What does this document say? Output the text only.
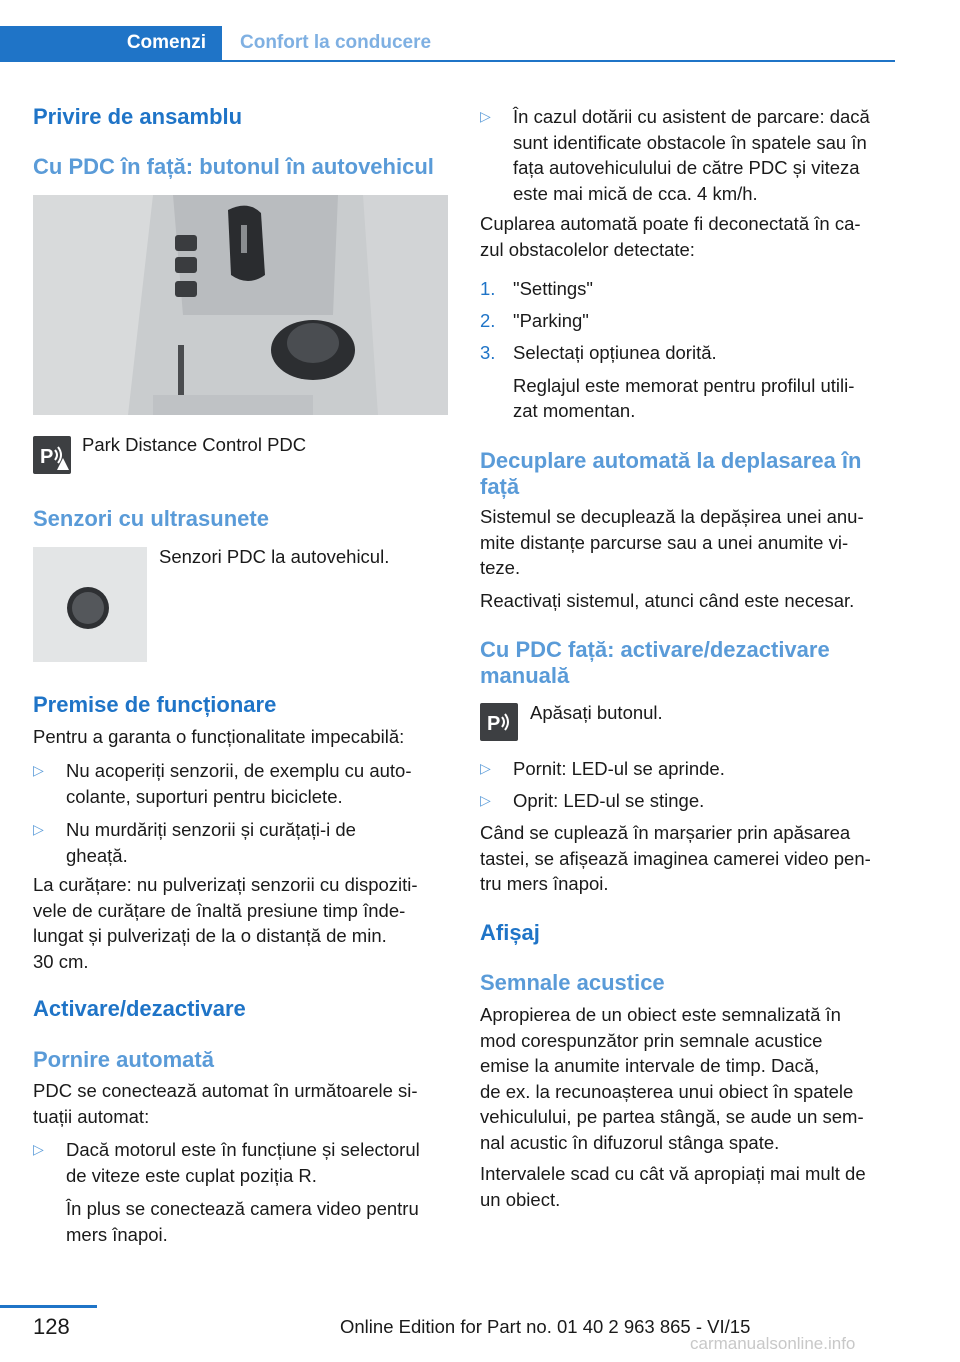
Comenzi Confort la conducere
Privire de ansamblu
Cu PDC în față: butonul în autovehicul
P
Park Distance Control PDC
Senzori cu ultrasunete
Senzori PDC la autovehicul.
Premise de funcționare
Pentru a garanta o funcționalitate impecabilă:
▷ Nu acoperiți senzorii, de exemplu cu auto‐
colante, suporturi pentru biciclete.
▷ Nu murdăriți senzorii și curățați-i de
gheață.
La curățare: nu pulverizați senzorii cu dispoziti‐
vele de curățare de înaltă presiune timp înde‐
lungat și pulverizați de la o distanță de min.
30 cm.
Activare/dezactivare
Pornire automată
PDC se conectează automat în următoarele si‐
tuații automat:
▷ Dacă motorul este în funcțiune și selectorul
de viteze este cuplat poziția R.
În plus se conectează camera video pentru
mers înapoi.
▷ În cazul dotării cu asistent de parcare: dacă
sunt identificate obstacole în spatele sau în
fața autovehiculului de către PDC și viteza
este mai mică de cca. 4 km/h.
Cuplarea automată poate fi deconectată în ca‐
zul obstacolelor detectate:
1. "Settings"
2. "Parking"
3. Selectați opțiunea dorită.
Reglajul este memorat pentru profilul utili‐
zat momentan.
Decuplare automată la deplasarea în
față
Sistemul se decuplează la depășirea unei anu‐
mite distanțe parcurse sau a unei anumite vi‐
teze.
Reactivați sistemul, atunci când este necesar.
Cu PDC față: activare/dezactivare
manuală
P
Apăsați butonul.
▷	Pornit: LED-ul se aprinde.
▷	Oprit: LED-ul se stinge.
Când se cuplează în marșarier prin apăsarea
tastei, se afișează imaginea camerei video pen‐
tru mers înapoi.
Afișaj
Semnale acustice
Apropierea de un obiect este semnalizată în
mod corespunzător prin semnale acustice
emise la anumite intervale de timp. Dacă,
de ex. la recunoașterea unui obiect în spatele
vehiculului, pe partea stângă, se aude un sem‐
nal acustic în difuzorul stânga spate.
Intervalele scad cu cât vă apropiați mai mult de
un obiect.
128	Online Edition for Part no. 01 40 2 963 865 - VI/15
carmanualsonline.info
